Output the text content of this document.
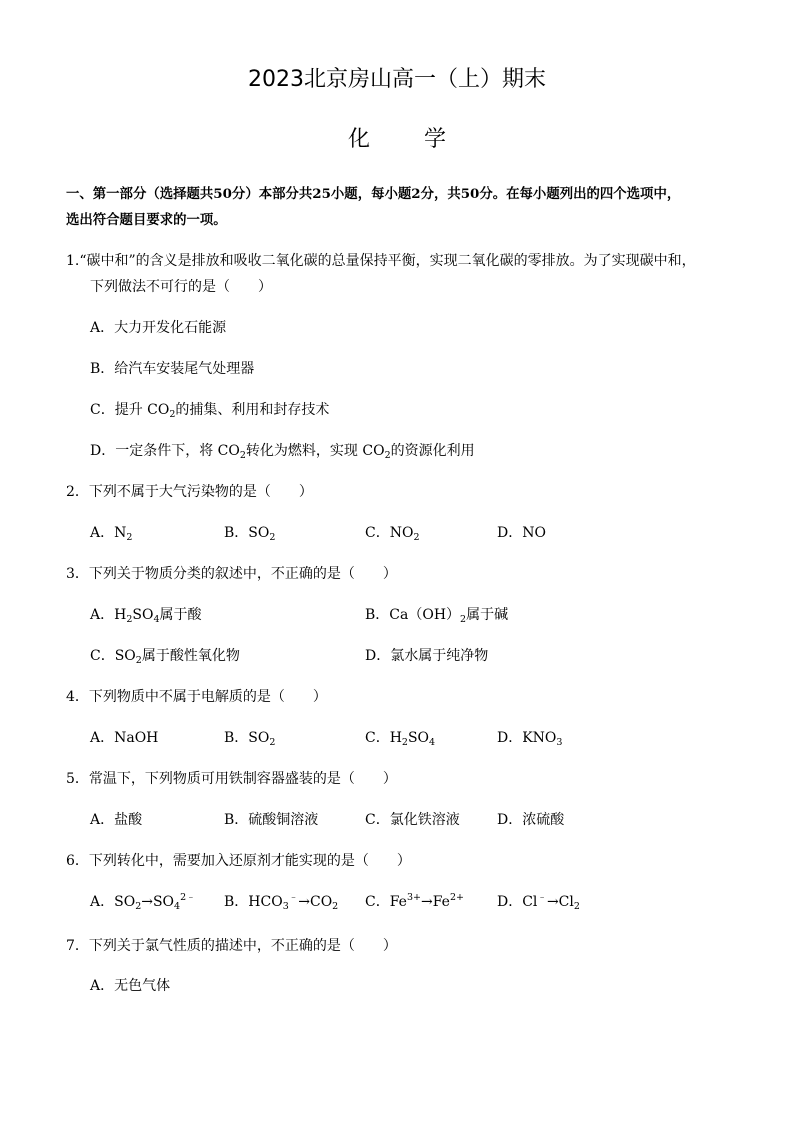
2023北京房山高一（上）期末
化 学
一、第一部分（选择题共50分）本部分共25小题，每小题2分，共50分。在每小题列出的四个选项中，
选出符合题目要求的一项。
1.“碳中和”的含义是排放和吸收二氧化碳的总量保持平衡，实现二氧化碳的零排放。为了实现碳中和，
下列做法不可行的是（　　）
A．大力开发化石能源
B．给汽车安装尾气处理器
C．提升 $CO_2$的捕集、利用和封存技术
D．一定条件下，将 $CO_2$转化为燃料，实现 $CO_2$的资源化利用
2．下列不属于大气污染物的是（　　）
A．$N_2$	B．$SO_2$	C．$NO_2$	D．NO
3．下列关于物质分类的叙述中，不正确的是（　　）
A．$H_2SO_4$属于酸	B．$Ca(OH)_2$属于碱
C．$SO_2$属于酸性氧化物	D．氯水属于纯净物
4．下列物质中不属于电解质的是（　　）
A．NaOH	B．$SO_2$	C．$H_2SO_4$	D．$KNO_3$
5．常温下，下列物质可用铁制容器盛装的是（　　）
A．盐酸	B．硫酸铜溶液	C．氯化铁溶液	D．浓硫酸
6．下列转化中，需要加入还原剂才能实现的是（　　）
A．$SO_2\to SO_4^{2﹣}$ B．$HCO_3^﹣\to CO_2$ C．$Fe^{3+}\to Fe^{2+}$ D．$Cl^﹣\to Cl_2$
7．下列关于氯气性质的描述中，不正确的是（　　）
A．无色气体
